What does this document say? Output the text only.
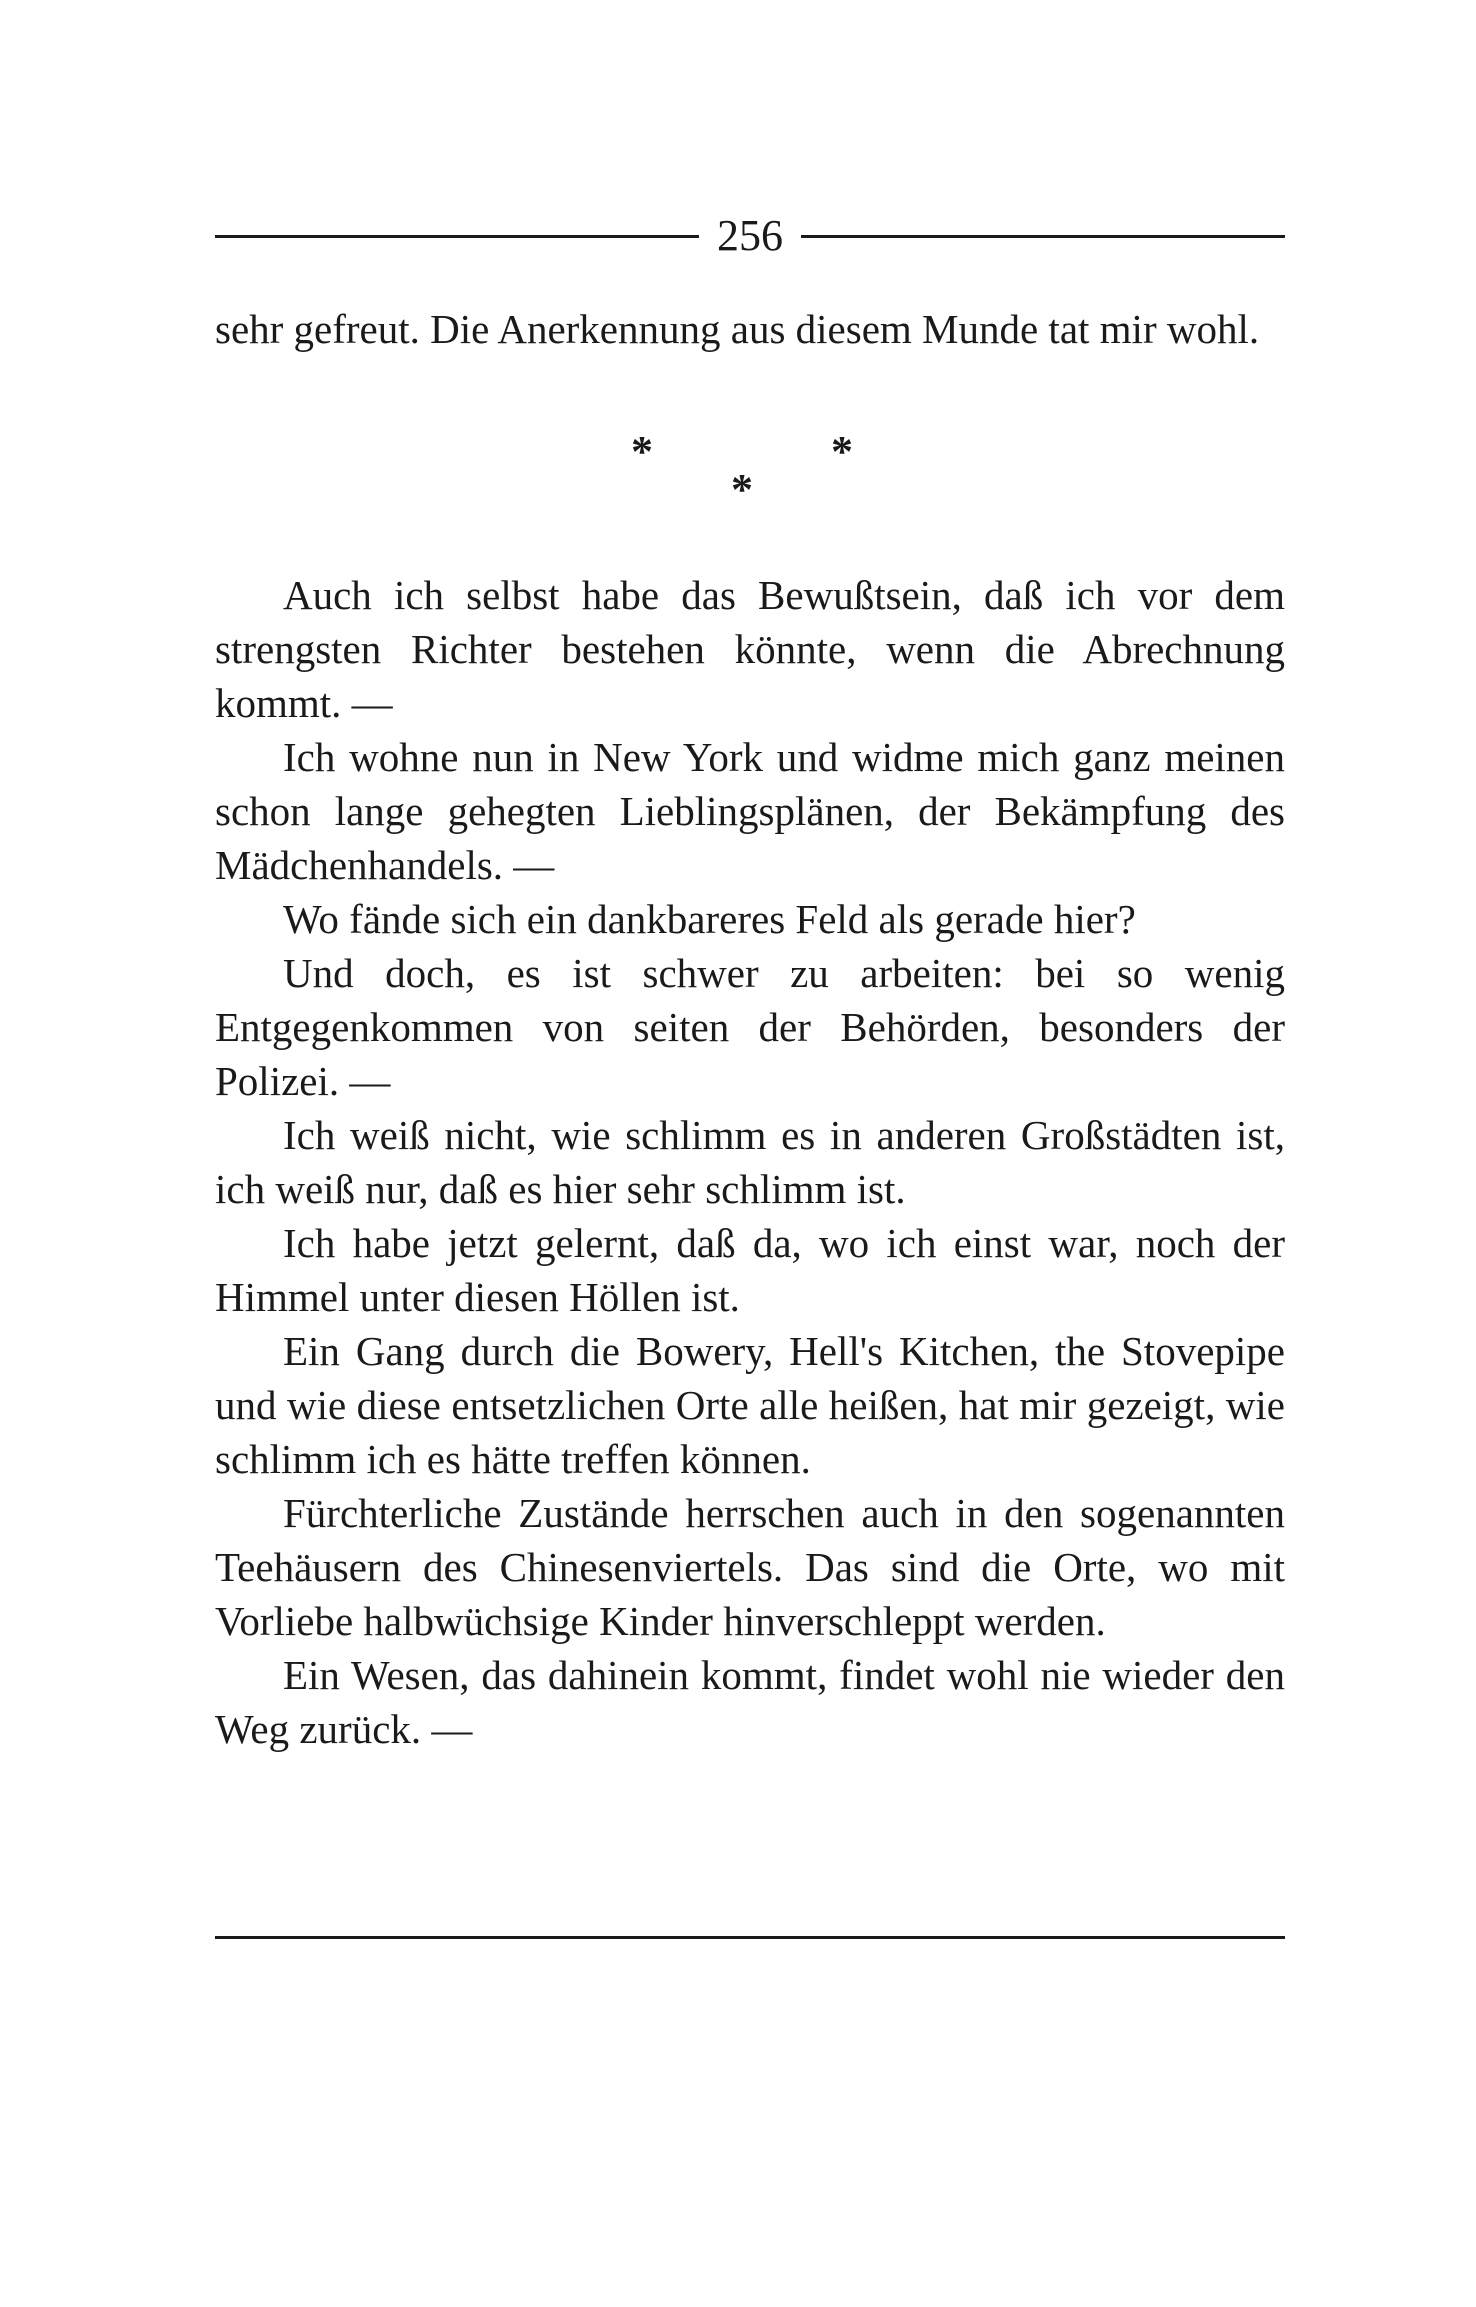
256

sehr gefreut. Die Anerkennung aus diesem Munde tat mir wohl.

*	*
*

Auch ich selbst habe das Bewußtsein, daß ich vor dem strengsten Richter bestehen könnte, wenn die Abrechnung kommt. —

Ich wohne nun in New York und widme mich ganz meinen schon lange gehegten Lieblingsplänen, der Bekämpfung des Mädchenhandels. —

Wo fände sich ein dankbareres Feld als gerade hier?

Und doch, es ist schwer zu arbeiten: bei so wenig Entgegenkommen von seiten der Behörden, besonders der Polizei. —

Ich weiß nicht, wie schlimm es in anderen Großstädten ist, ich weiß nur, daß es hier sehr schlimm ist.

Ich habe jetzt gelernt, daß da, wo ich einst war, noch der Himmel unter diesen Höllen ist.

Ein Gang durch die Bowery, Hell's Kitchen, the Stovepipe und wie diese entsetzlichen Orte alle heißen, hat mir gezeigt, wie schlimm ich es hätte treffen können.

Fürchterliche Zustände herrschen auch in den sogenannten Teehäusern des Chinesenviertels. Das sind die Orte, wo mit Vorliebe halbwüchsige Kinder hinverschleppt werden.

Ein Wesen, das dahinein kommt, findet wohl nie wieder den Weg zurück. —
